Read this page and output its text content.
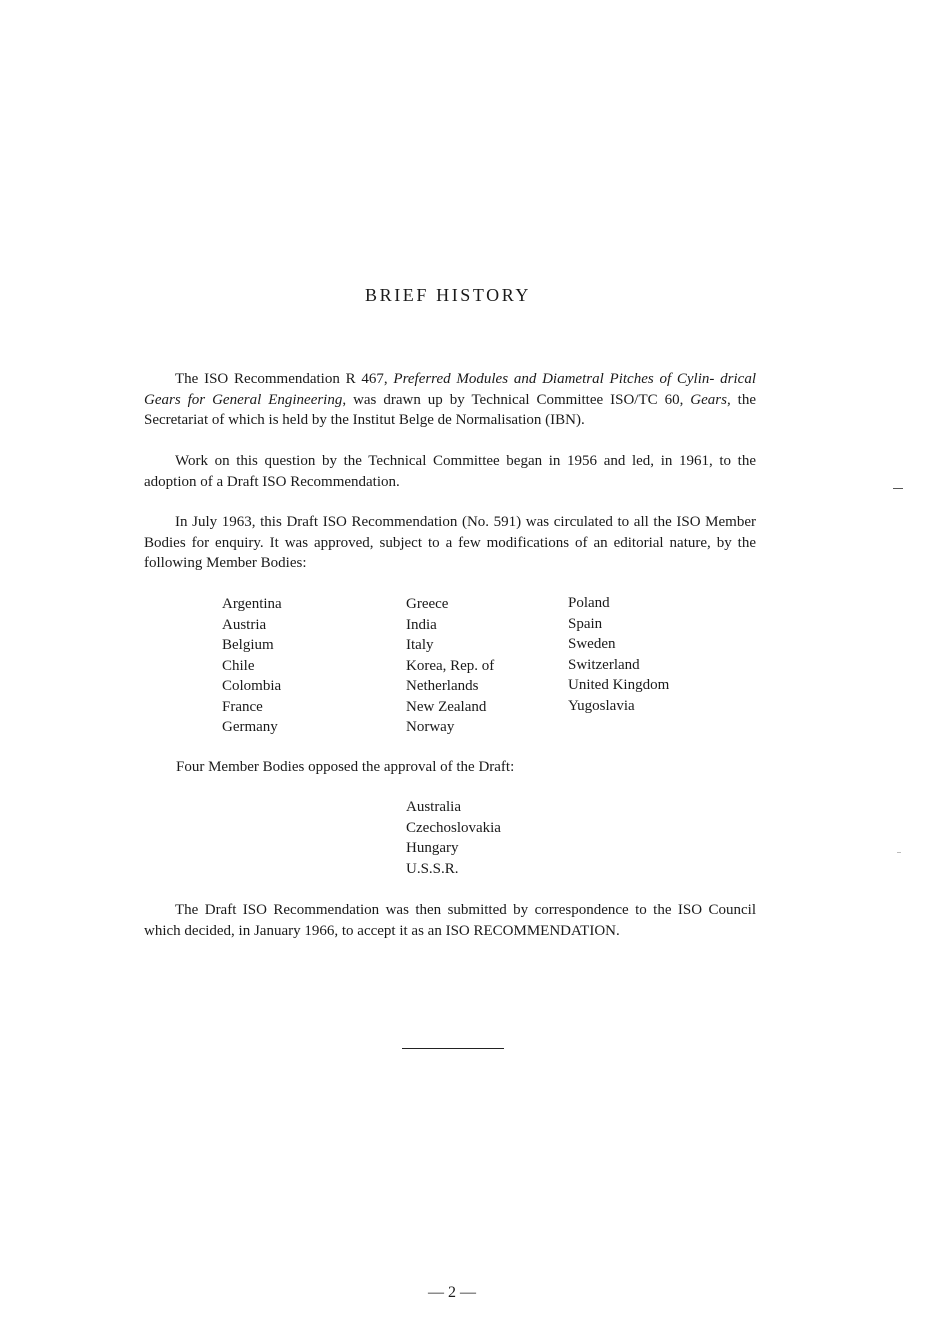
BRIEF HISTORY

The ISO Recommendation R 467, Preferred Modules and Diametral Pitches of Cylin- drical Gears for General Engineering, was drawn up by Technical Committee ISO/TC 60, Gears, the Secretariat of which is held by the Institut Belge de Normalisation (IBN).

Work on this question by the Technical Committee began in 1956 and led, in 1961, to the adoption of a Draft ISO Recommendation.

In July 1963, this Draft ISO Recommendation (No. 591) was circulated to all the ISO Member Bodies for enquiry. It was approved, subject to a few modifications of an editorial nature, by the following Member Bodies:

Argentina
Austria
Belgium
Chile
Colombia
France
Germany
Greece
India
Italy
Korea, Rep. of
Netherlands
New Zealand
Norway
Poland
Spain
Sweden
Switzerland
United Kingdom
Yugoslavia

Four Member Bodies opposed the approval of the Draft:

Australia
Czechoslovakia
Hungary
U.S.S.R.

The Draft ISO Recommendation was then submitted by correspondence to the ISO Council which decided, in January 1966, to accept it as an ISO RECOMMENDATION.

— 2 —
